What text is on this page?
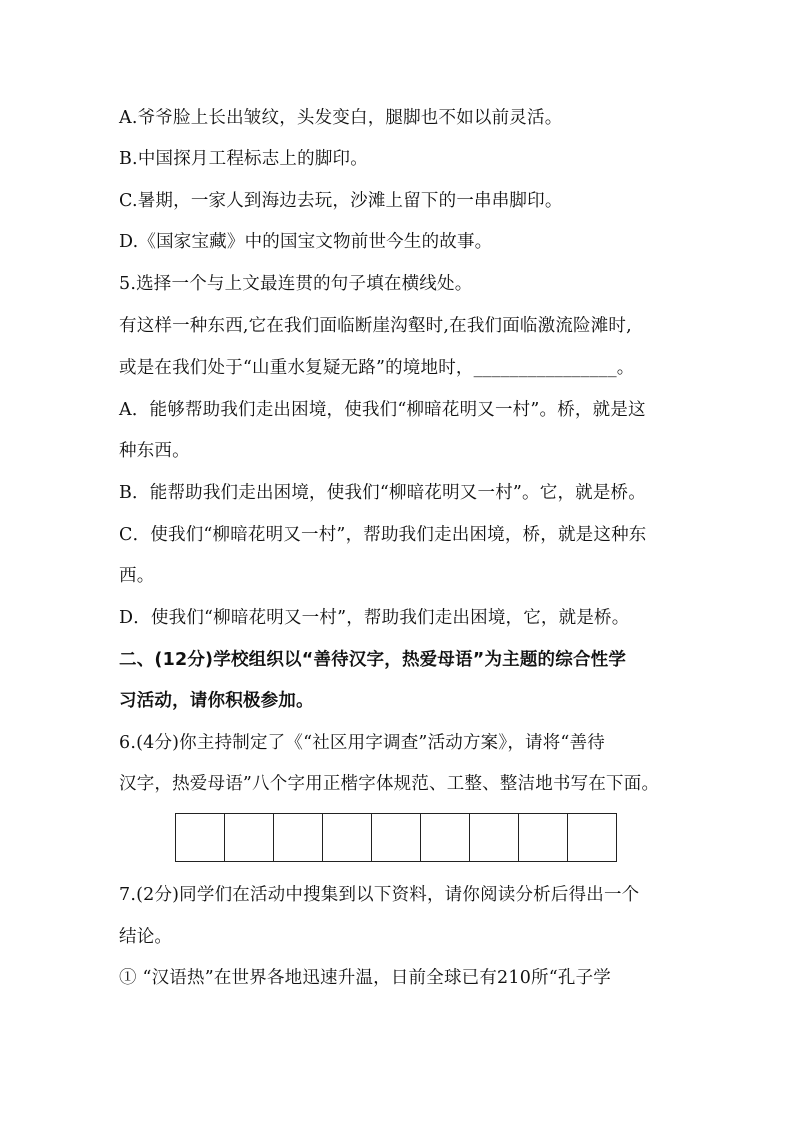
A.爷爷脸上长出皱纹，头发变白，腿脚也不如以前灵活。
B.中国探月工程标志上的脚印。
C.暑期，一家人到海边去玩，沙滩上留下的一串串脚印。
D.《国家宝藏》中的国宝文物前世今生的故事。
5.选择一个与上文最连贯的句子填在横线处。
有这样一种东西,它在我们面临断崖沟壑时,在我们面临激流险滩时,
或是在我们处于“山重水复疑无路”的境地时，________________。
A．能够帮助我们走出困境，使我们“柳暗花明又一村”。桥，就是这
种东西。
B．能帮助我们走出困境，使我们“柳暗花明又一村”。它，就是桥。
C．使我们“柳暗花明又一村”，帮助我们走出困境，桥，就是这种东
西。
D．使我们“柳暗花明又一村”，帮助我们走出困境，它，就是桥。
二、(12分)学校组织以“善待汉字，热爱母语”为主题的综合性学
习活动，请你积极参加。
6.(4分)你主持制定了《“社区用字调查”活动方案》，请将“善待
汉字，热爱母语”八个字用正楷字体规范、工整、整洁地书写在下面。
7.(2分)同学们在活动中搜集到以下资料，请你阅读分析后得出一个
结论。
① “汉语热”在世界各地迅速升温，日前全球已有210所“孔子学
